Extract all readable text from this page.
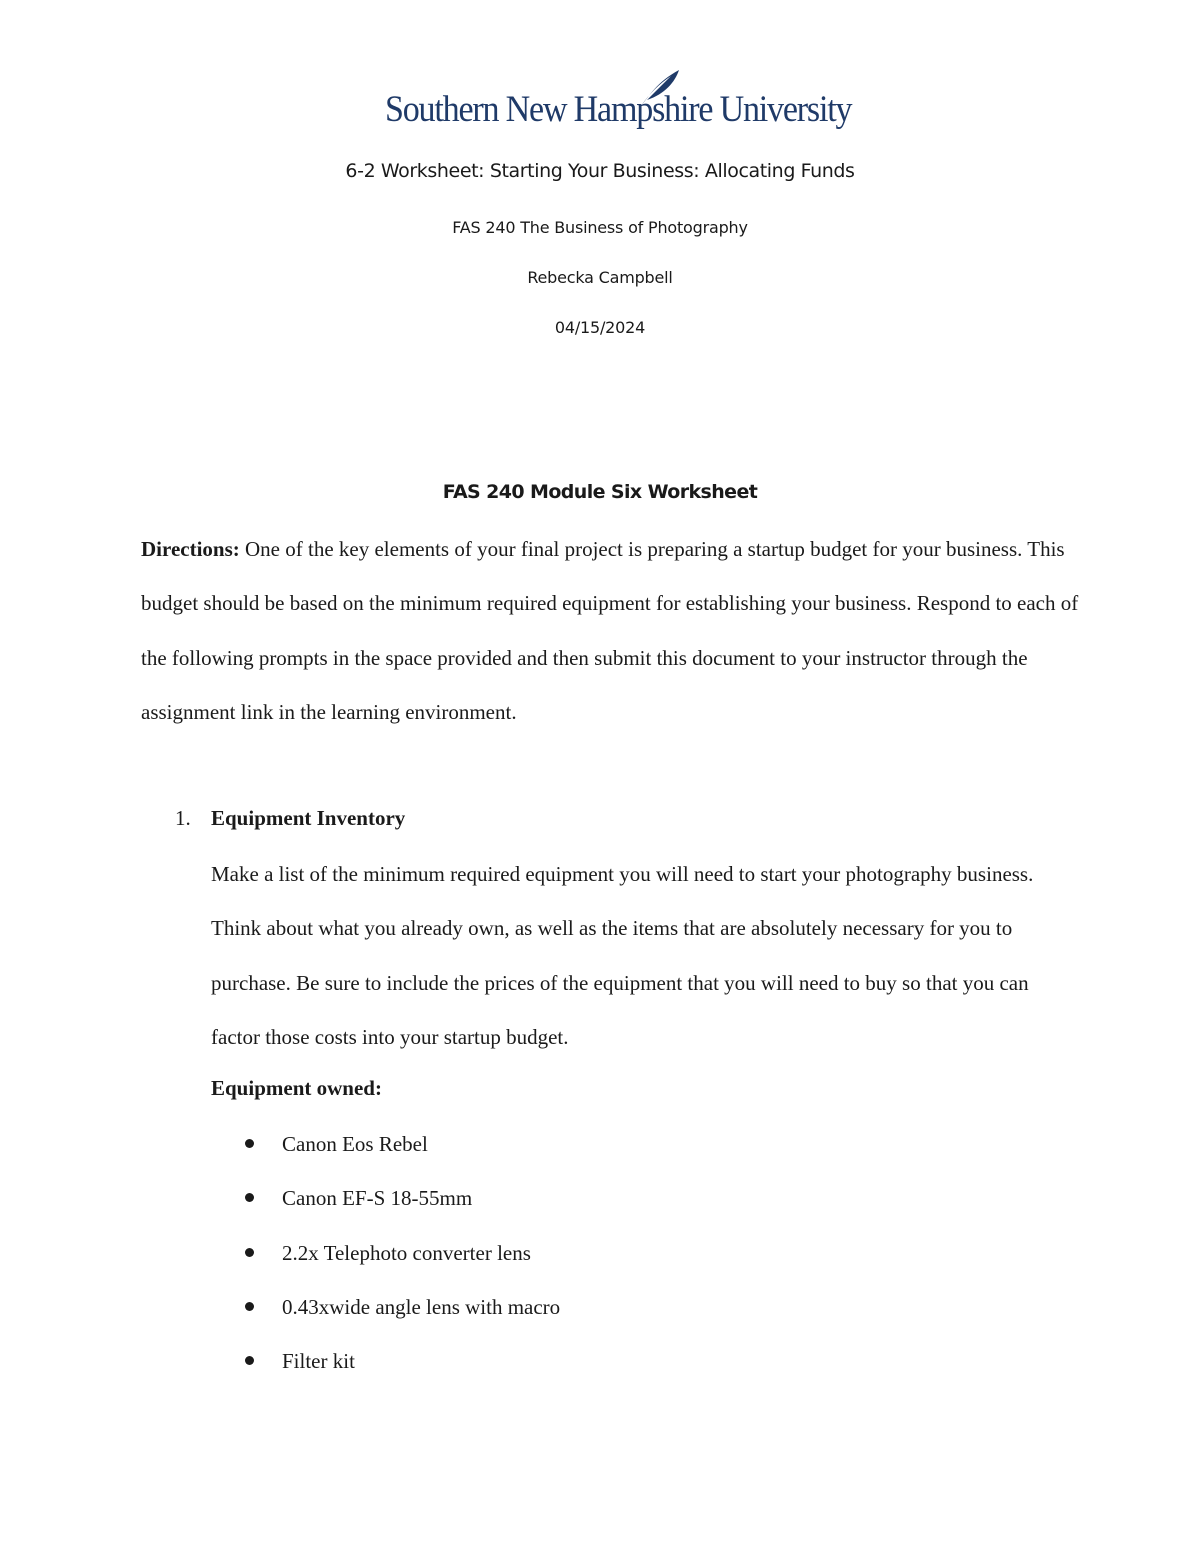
Southern New Hampshire University
6-2 Worksheet: Starting Your Business: Allocating Funds
FAS 240 The Business of Photography
Rebecka Campbell
04/15/2024
FAS 240 Module Six Worksheet
Directions: One of the key elements of your final project is preparing a startup budget for your business. This budget should be based on the minimum required equipment for establishing your business. Respond to each of the following prompts in the space provided and then submit this document to your instructor through the assignment link in the learning environment.
1. Equipment Inventory
Make a list of the minimum required equipment you will need to start your photography business. Think about what you already own, as well as the items that are absolutely necessary for you to purchase. Be sure to include the prices of the equipment that you will need to buy so that you can factor those costs into your startup budget.
Equipment owned:
Canon Eos Rebel
Canon EF-S 18-55mm
2.2x Telephoto converter lens
0.43xwide angle lens with macro
Filter kit
